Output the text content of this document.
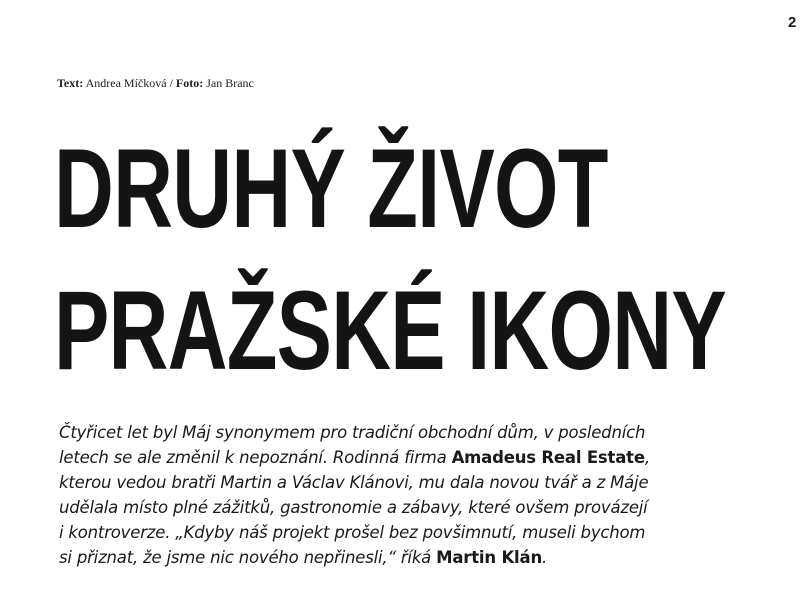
2
Text: Andrea Míčková / Foto: Jan Branc
DRUHÝ ŽIVOT
PRAŽSKÉ IKONY

Čtyřicet let byl Máj synonymem pro tradiční obchodní dům, v posledních
letech se ale změnil k nepoznání. Rodinná firma Amadeus Real Estate,
kterou vedou bratři Martin a Václav Klánovi, mu dala novou tvář a z Máje
udělala místo plné zážitků, gastronomie a zábavy, které ovšem provázejí
i kontroverze. „Kdyby náš projekt prošel bez povšimnutí, museli bychom
si přiznat, že jsme nic nového nepřinesli,“ říká Martin Klán.
